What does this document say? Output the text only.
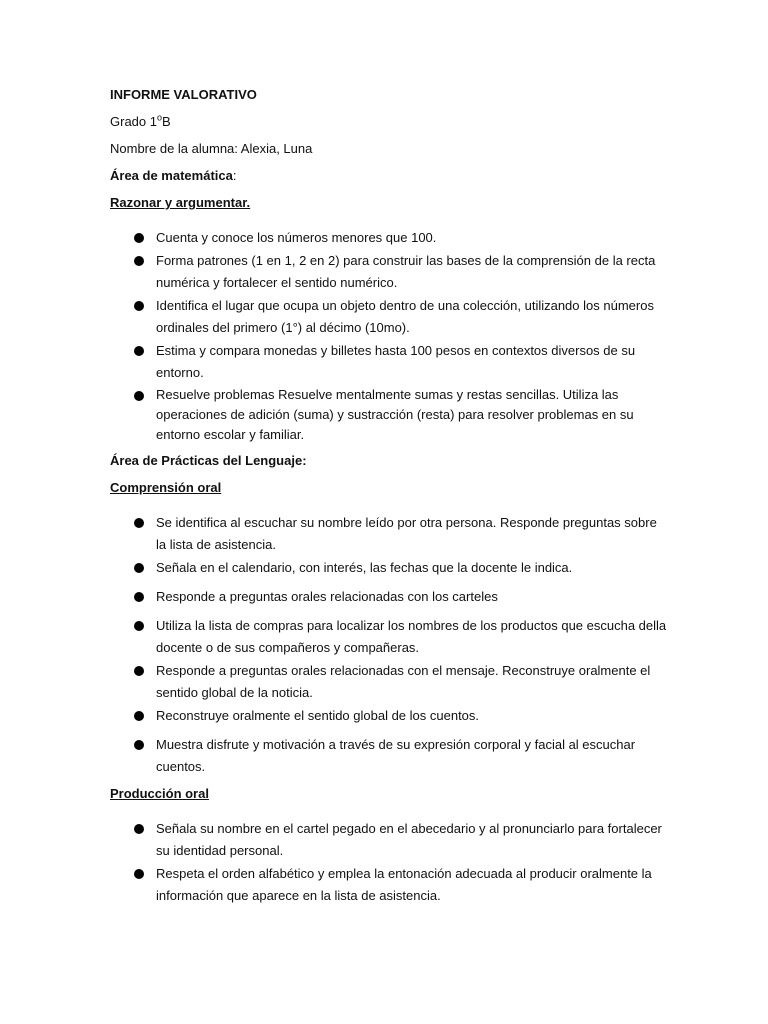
INFORME VALORATIVO

Grado 1$^o$B

Nombre de la alumna: Alexia, Luna

Área de matemática:

Razonar y argumentar.

Cuenta y conoce los números menores que 100.
Forma patrones (1 en 1, 2 en 2) para construir las bases de la comprensión de la recta numérica y fortalecer el sentido numérico.
Identifica el lugar que ocupa un objeto dentro de una colección, utilizando los números ordinales del primero (1°) al décimo (10mo).
Estima y compara monedas y billetes hasta 100 pesos en contextos diversos de su entorno.
Resuelve problemas Resuelve mentalmente sumas y restas sencillas. Utiliza las operaciones de adición (suma) y sustracción (resta) para resolver problemas en su entorno escolar y familiar.

Área de Prácticas del Lenguaje:

Comprensión oral

Se identifica al escuchar su nombre leído por otra persona. Responde preguntas sobre la lista de asistencia.
Señala en el calendario, con interés, las fechas que la docente le indica.
Responde a preguntas orales relacionadas con los carteles
Utiliza la lista de compras para localizar los nombres de los productos que escucha della docente o de sus compañeros y compañeras.
Responde a preguntas orales relacionadas con el mensaje. Reconstruye oralmente el sentido global de la noticia.
Reconstruye oralmente el sentido global de los cuentos.
Muestra disfrute y motivación a través de su expresión corporal y facial al escuchar cuentos.

Producción oral

Señala su nombre en el cartel pegado en el abecedario y al pronunciarlo para fortalecer su identidad personal.
Respeta el orden alfabético y emplea la entonación adecuada al producir oralmente la información que aparece en la lista de asistencia.
